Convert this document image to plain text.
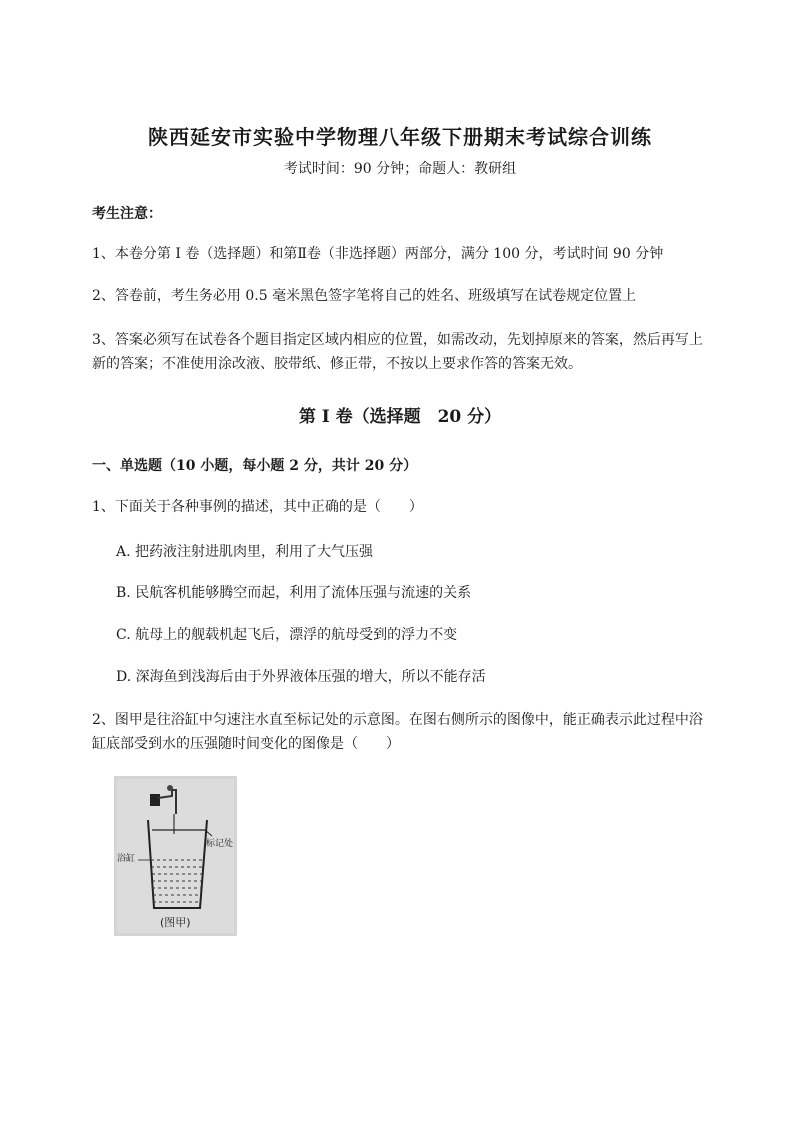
陕西延安市实验中学物理八年级下册期末考试综合训练
考试时间：90 分钟；命题人：教研组
考生注意：
1、本卷分第 I 卷（选择题）和第Ⅱ卷（非选择题）两部分，满分 100 分，考试时间 90 分钟
2、答卷前，考生务必用 0.5 毫米黑色签字笔将自己的姓名、班级填写在试卷规定位置上
3、答案必须写在试卷各个题目指定区域内相应的位置，如需改动，先划掉原来的答案，然后再写上新的答案；不准使用涂改液、胶带纸、修正带，不按以上要求作答的答案无效。
第 I 卷（选择题　20 分）
一、单选题（10 小题，每小题 2 分，共计 20 分）
1、下面关于各种事例的描述，其中正确的是（　　）
A. 把药液注射进肌肉里，利用了大气压强
B. 民航客机能够腾空而起，利用了流体压强与流速的关系
C. 航母上的舰载机起飞后，漂浮的航母受到的浮力不变
D. 深海鱼到浅海后由于外界液体压强的增大，所以不能存活
2、图甲是往浴缸中匀速注水直至标记处的示意图。在图右侧所示的图像中，能正确表示此过程中浴缸底部受到水的压强随时间变化的图像是（　　）
浴缸
标记处
(图甲)
